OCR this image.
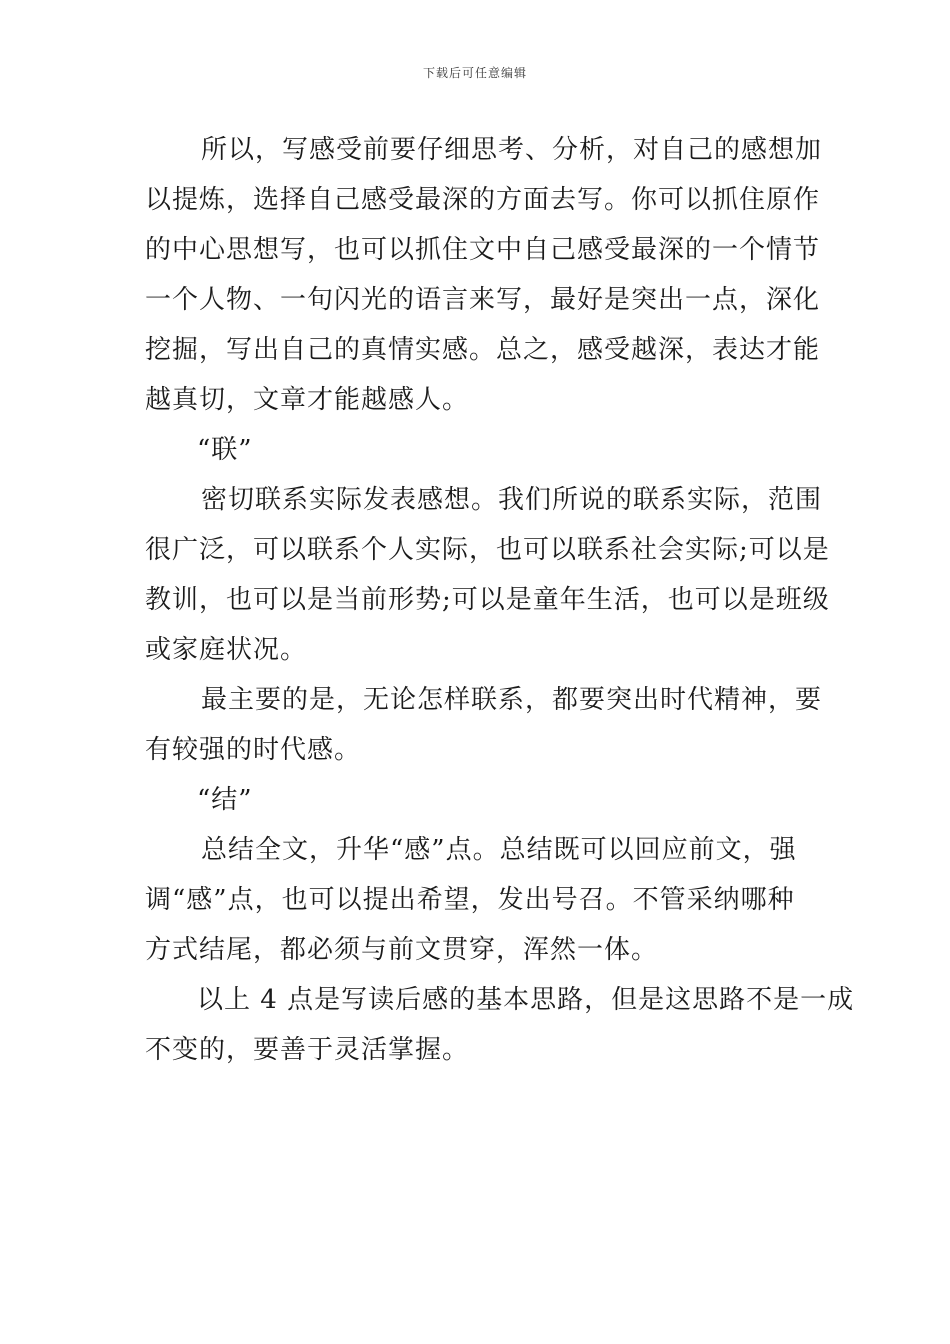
下载后可任意编辑
所以，写感受前要仔细思考、分析，对自己的感想加
以提炼，选择自己感受最深的方面去写。你可以抓住原作
的中心思想写，也可以抓住文中自己感受最深的一个情节
一个人物、一句闪光的语言来写，最好是突出一点，深化
挖掘，写出自己的真情实感。总之，感受越深，表达才能
越真切，文章才能越感人。
“联”
密切联系实际发表感想。我们所说的联系实际，范围
很广泛，可以联系个人实际，也可以联系社会实际;可以是
教训，也可以是当前形势;可以是童年生活，也可以是班级
或家庭状况。
最主要的是，无论怎样联系，都要突出时代精神，要
有较强的时代感。
“结”
总结全文，升华“感”点。总结既可以回应前文，强
调“感”点，也可以提出希望，发出号召。不管采纳哪种
方式结尾，都必须与前文贯穿，浑然一体。
以上 4 点是写读后感的基本思路，但是这思路不是一成
不变的，要善于灵活掌握。
